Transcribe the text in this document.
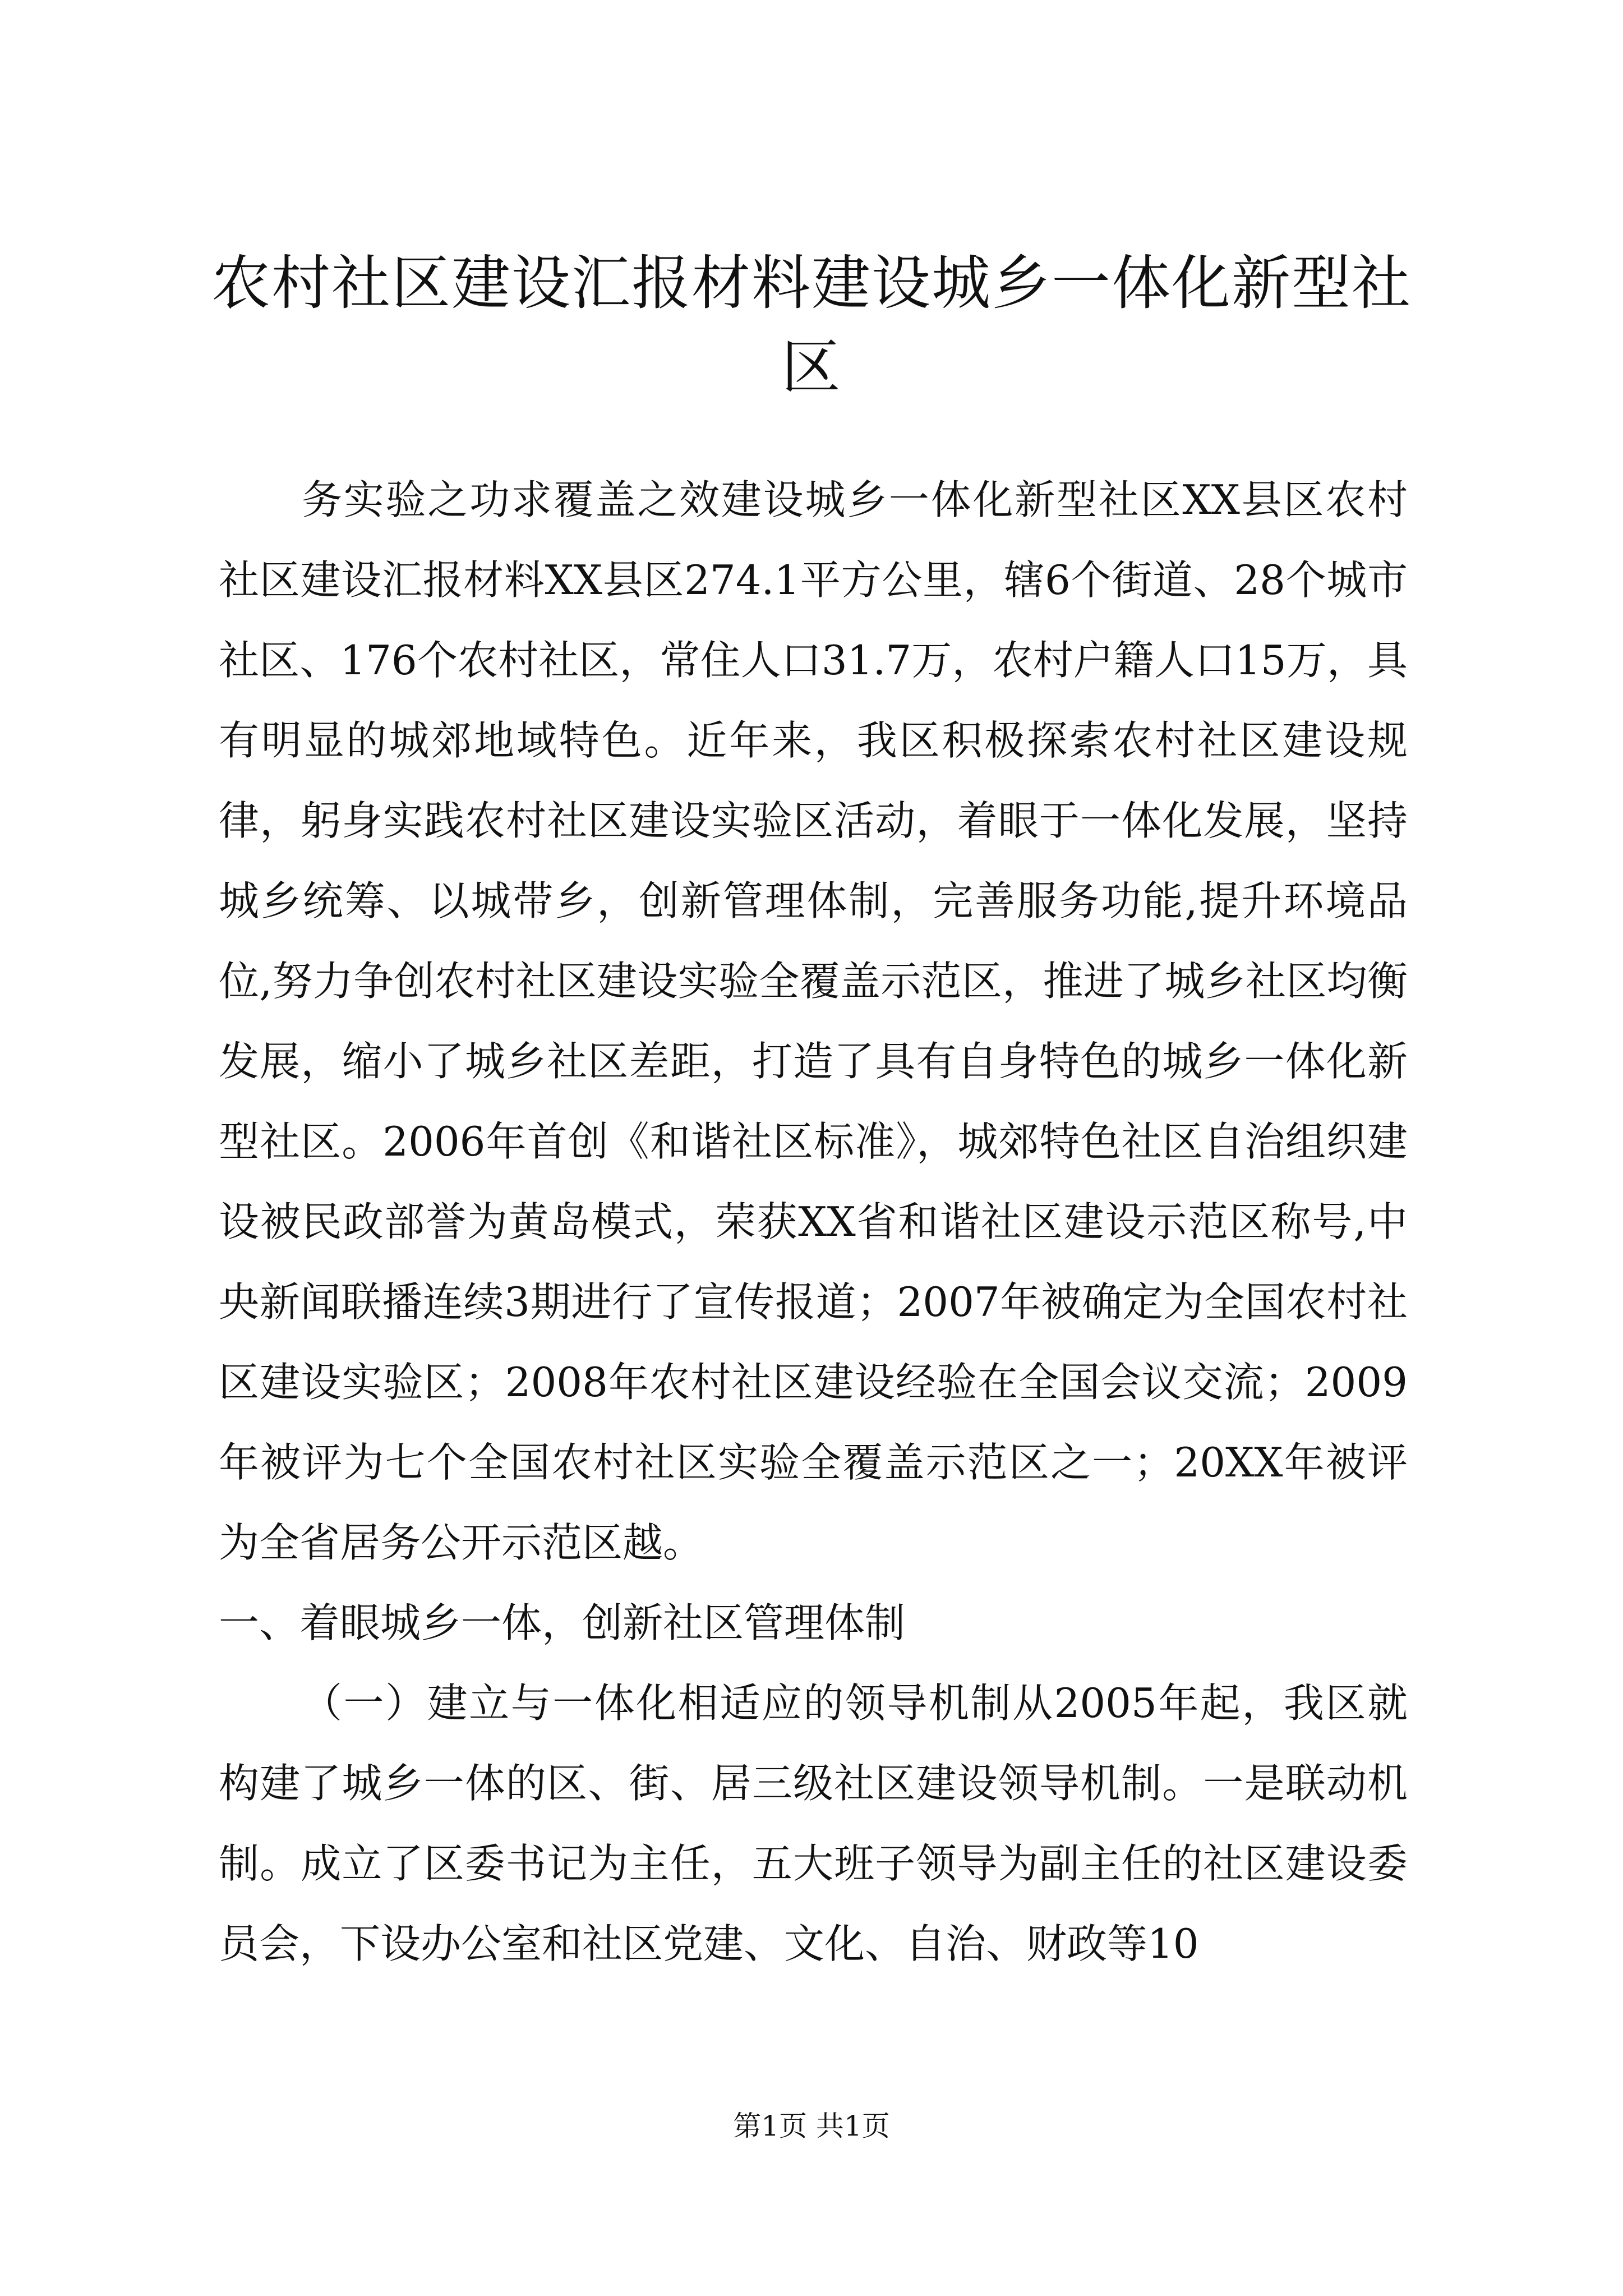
农村社区建设汇报材料建设城乡一体化新型社区

务实验之功求覆盖之效建设城乡一体化新型社区XX县区农村社区建设汇报材料XX县区274.1平方公里，辖6个街道、28个城市社区、176个农村社区，常住人口31.7万，农村户籍人口15万，具有明显的城郊地域特色。近年来，我区积极探索农村社区建设规律，躬身实践农村社区建设实验区活动，着眼于一体化发展，坚持城乡统筹、以城带乡，创新管理体制，完善服务功能,提升环境品位,努力争创农村社区建设实验全覆盖示范区，推进了城乡社区均衡发展，缩小了城乡社区差距，打造了具有自身特色的城乡一体化新型社区。2006年首创《和谐社区标准》，城郊特色社区自治组织建设被民政部誉为黄岛模式，荣获XX省和谐社区建设示范区称号,中央新闻联播连续3期进行了宣传报道；2007年被确定为全国农村社区建设实验区；2008年农村社区建设经验在全国会议交流；2009年被评为七个全国农村社区实验全覆盖示范区之一；20XX年被评为全省居务公开示范区越。

一、着眼城乡一体，创新社区管理体制

（一）建立与一体化相适应的领导机制从2005年起，我区就构建了城乡一体的区、街、居三级社区建设领导机制。一是联动机制。成立了区委书记为主任，五大班子领导为副主任的社区建设委员会，下设办公室和社区党建、文化、自治、财政等10

第1页 共1页
